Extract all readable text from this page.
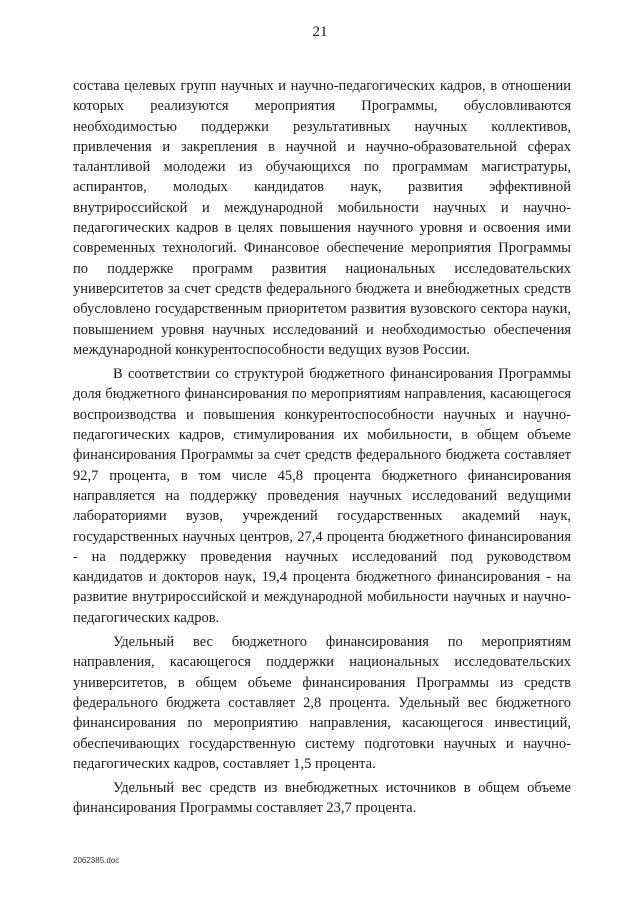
21

состава целевых групп научных и научно-педагогических кадров, в отношении которых реализуются мероприятия Программы, обусловливаются необходимостью поддержки результативных научных коллективов, привлечения и закрепления в научной и научно-образовательной сферах талантливой молодежи из обучающихся по программам магистратуры, аспирантов, молодых кандидатов наук, развития эффективной внутрироссийской и международной мобильности научных и научно-педагогических кадров в целях повышения научного уровня и освоения ими современных технологий. Финансовое обеспечение мероприятия Программы по поддержке программ развития национальных исследовательских университетов за счет средств федерального бюджета и внебюджетных средств обусловлено государственным приоритетом развития вузовского сектора науки, повышением уровня научных исследований и необходимостью обеспечения международной конкурентоспособности ведущих вузов России.

В соответствии со структурой бюджетного финансирования Программы доля бюджетного финансирования по мероприятиям направления, касающегося воспроизводства и повышения конкурентоспособности научных и научно-педагогических кадров, стимулирования их мобильности, в общем объеме финансирования Программы за счет средств федерального бюджета составляет 92,7 процента, в том числе 45,8 процента бюджетного финансирования направляется на поддержку проведения научных исследований ведущими лабораториями вузов, учреждений государственных академий наук, государственных научных центров, 27,4 процента бюджетного финансирования - на поддержку проведения научных исследований под руководством кандидатов и докторов наук, 19,4 процента бюджетного финансирования - на развитие внутрироссийской и международной мобильности научных и научно-педагогических кадров.

Удельный вес бюджетного финансирования по мероприятиям направления, касающегося поддержки национальных исследовательских университетов, в общем объеме финансирования Программы из средств федерального бюджета составляет 2,8 процента. Удельный вес бюджетного финансирования по мероприятию направления, касающегося инвестиций, обеспечивающих государственную систему подготовки научных и научно-педагогических кадров, составляет 1,5 процента.

Удельный вес средств из внебюджетных источников в общем объеме финансирования Программы составляет 23,7 процента.

2062385.doc
